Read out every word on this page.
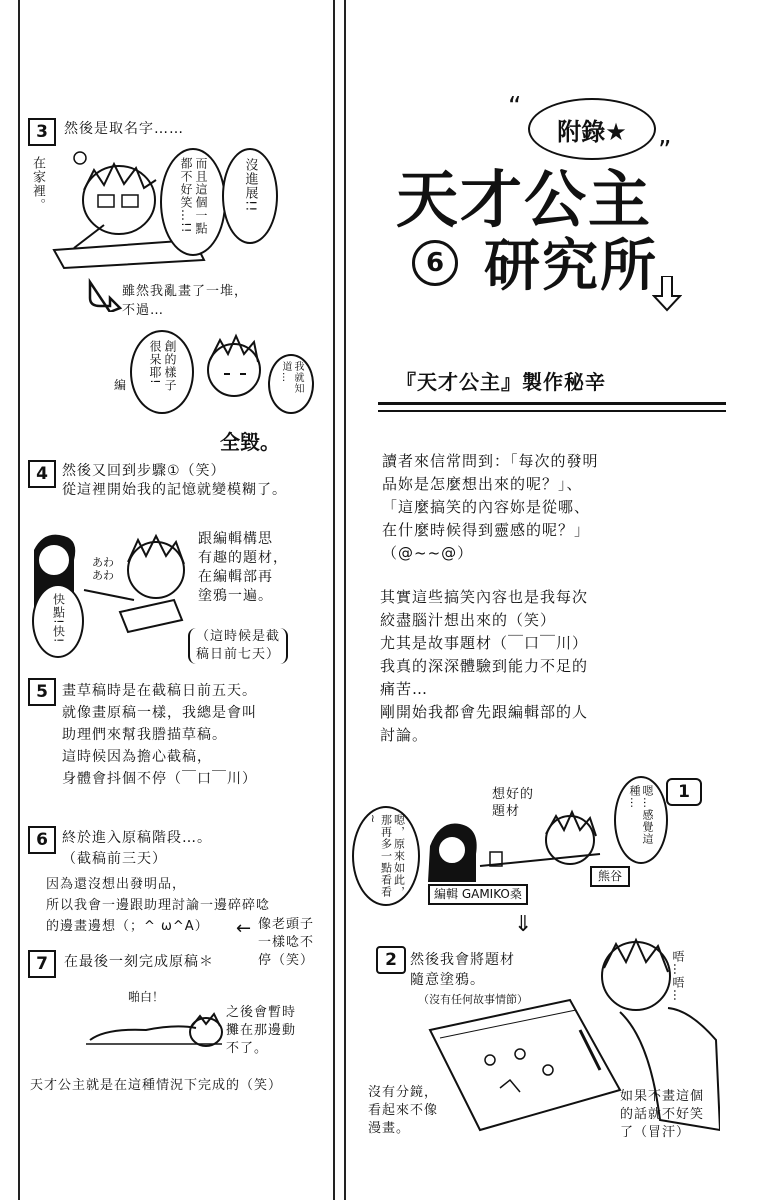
3	然後是取名字……
在家裡。	而且這個一點都不好笑…!!	沒進展!!
雖然我亂畫了一堆，
不過…
創的樣子很呆耶!
編	我就知道…
全毀。
4	然後又回到步驟①（笑）
從這裡開始我的記憶就變模糊了。
あわあわ
跟編輯構思
有趣的題材，
在編輯部再
塗鴉一遍。
快點!快!	（這時候是截
稿日前七天）
5	畫草稿時是在截稿日前五天。
就像畫原稿一樣，我總是會叫
助理們來幫我謄描草稿。
這時候因為擔心截稿，
身體會抖個不停（￣口￣川）
6	終於進入原稿階段…。
（截稿前三天）
因為還沒想出發明品，
所以我會一邊跟助理討論一邊碎碎唸
的邊畫邊想（；^ ω^A）	← 像老頭子
一樣唸不
停（笑）
7	在最後一刻完成原稿＊
啪白！
之後會暫時
攤在那邊動
不了。
天才公主就是在這種情況下完成的（笑）
附錄★
“
”
天才公主
6 研究所
『天才公主』製作秘辛
讀者來信常問到：「每次的發明
品妳是怎麼想出來的呢？」、
「這麼搞笑的內容妳是從哪、
在什麼時候得到靈感的呢？」
（@~~@）
其實這些搞笑內容也是我每次
絞盡腦汁想出來的（笑）
尤其是故事題材（￣口￣川）
我真的深深體驗到能力不足的
痛苦…
剛開始我都會先跟編輯部的人
討論。
1
嗯，原來如此，那再多一點看看~
想好的
題材	嗯…感覺這種…
編輯 GAMIKO桑
熊谷
⇓
2 然後我會將題材
隨意塗鴉。
（沒有任何故事情節）	唔…唔…
沒有分鏡，
看起來不像
漫畫。
如果不畫這個
的話就不好笑
了（冒汗）
